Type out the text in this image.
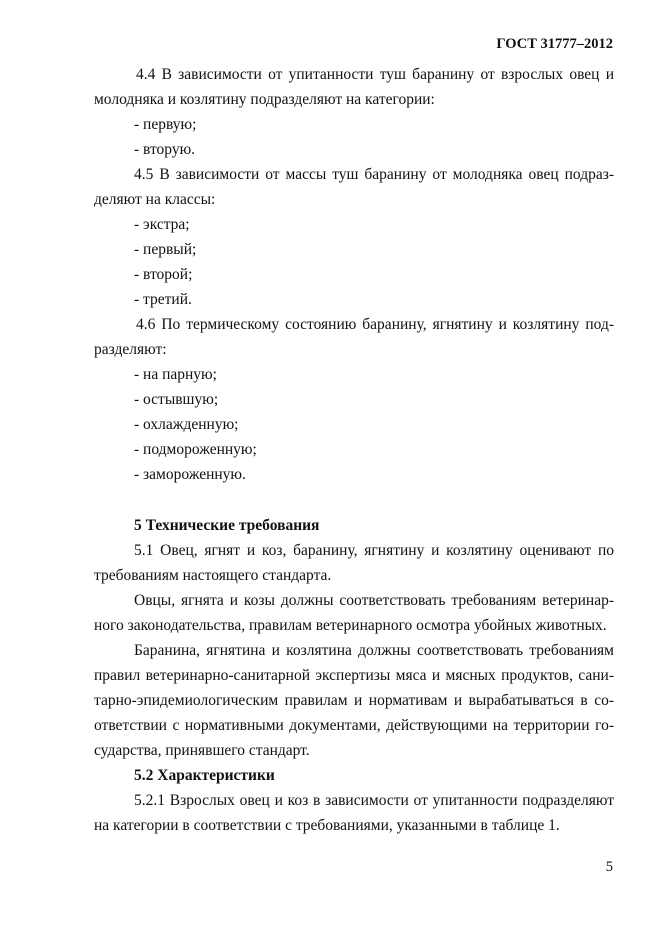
ГОСТ 31777–2012
4.4 В зависимости от упитанности туш баранину от взрослых овец и
молодняка и козлятину подразделяют на категории:
- первую;
- вторую.
4.5 В зависимости от массы туш баранину от молодняка овец подраз-
деляют на классы:
- экстра;
- первый;
- второй;
- третий.
4.6 По термическому состоянию баранину, ягнятину и козлятину под-
разделяют:
- на парную;
- остывшую;
- охлажденную;
- подмороженную;
- замороженную.
5 Технические требования
5.1 Овец, ягнят и коз, баранину, ягнятину и козлятину оценивают по
требованиям настоящего стандарта.
Овцы, ягнята и козы должны соответствовать требованиям ветеринар-
ного законодательства, правилам ветеринарного осмотра убойных животных.
Баранина, ягнятина и козлятина должны соответствовать требованиям
правил ветеринарно-санитарной экспертизы мяса и мясных продуктов, сани-
тарно-эпидемиологическим правилам и нормативам и вырабатываться в со-
ответствии с нормативными документами, действующими на территории го-
сударства, принявшего стандарт.
5.2 Характеристики
5.2.1 Взрослых овец и коз в зависимости от упитанности подразделяют
на категории в соответствии с требованиями, указанными в таблице 1.
5
